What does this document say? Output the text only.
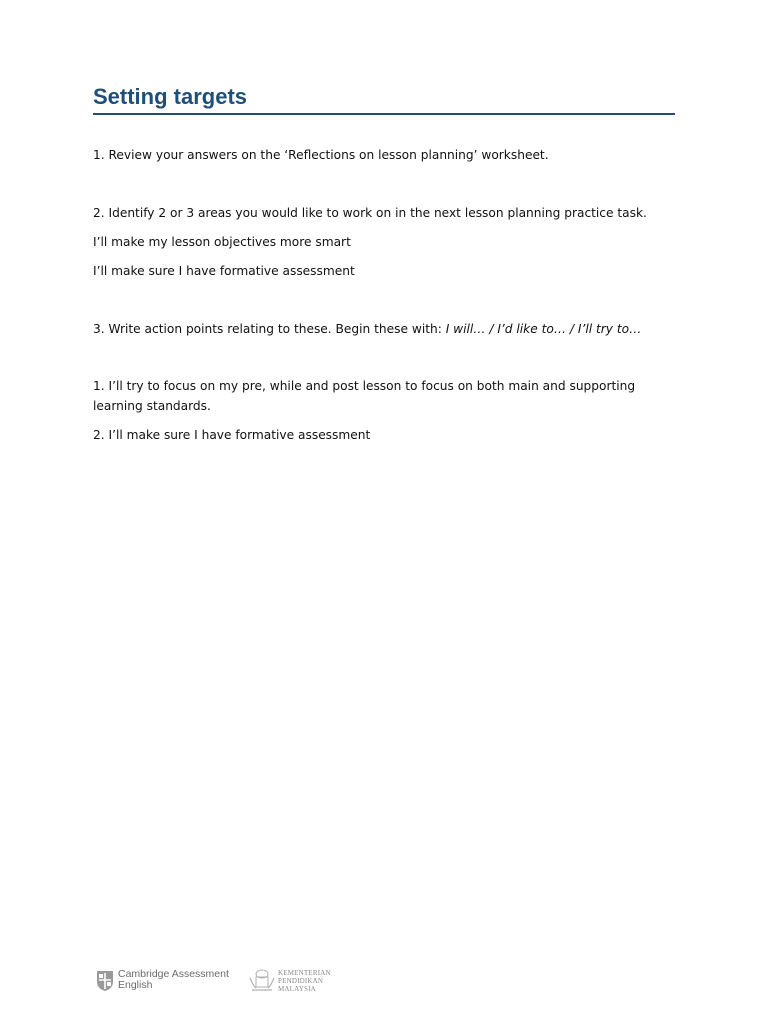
Setting targets
1. Review your answers on the ‘Reflections on lesson planning’ worksheet.
2. Identify 2 or 3 areas you would like to work on in the next lesson planning practice task.
I’ll make my lesson objectives more smart
I’ll make sure I have formative assessment
3. Write action points relating to these. Begin these with: I will… / I’d like to… / I’ll try to…
1. I’ll try to focus on my pre, while and post lesson to focus on both main and supporting learning standards.
2. I’ll make sure I have formative assessment
Cambridge Assessment
English
KEMENTERIAN
PENDIDIKAN
MALAYSIA
